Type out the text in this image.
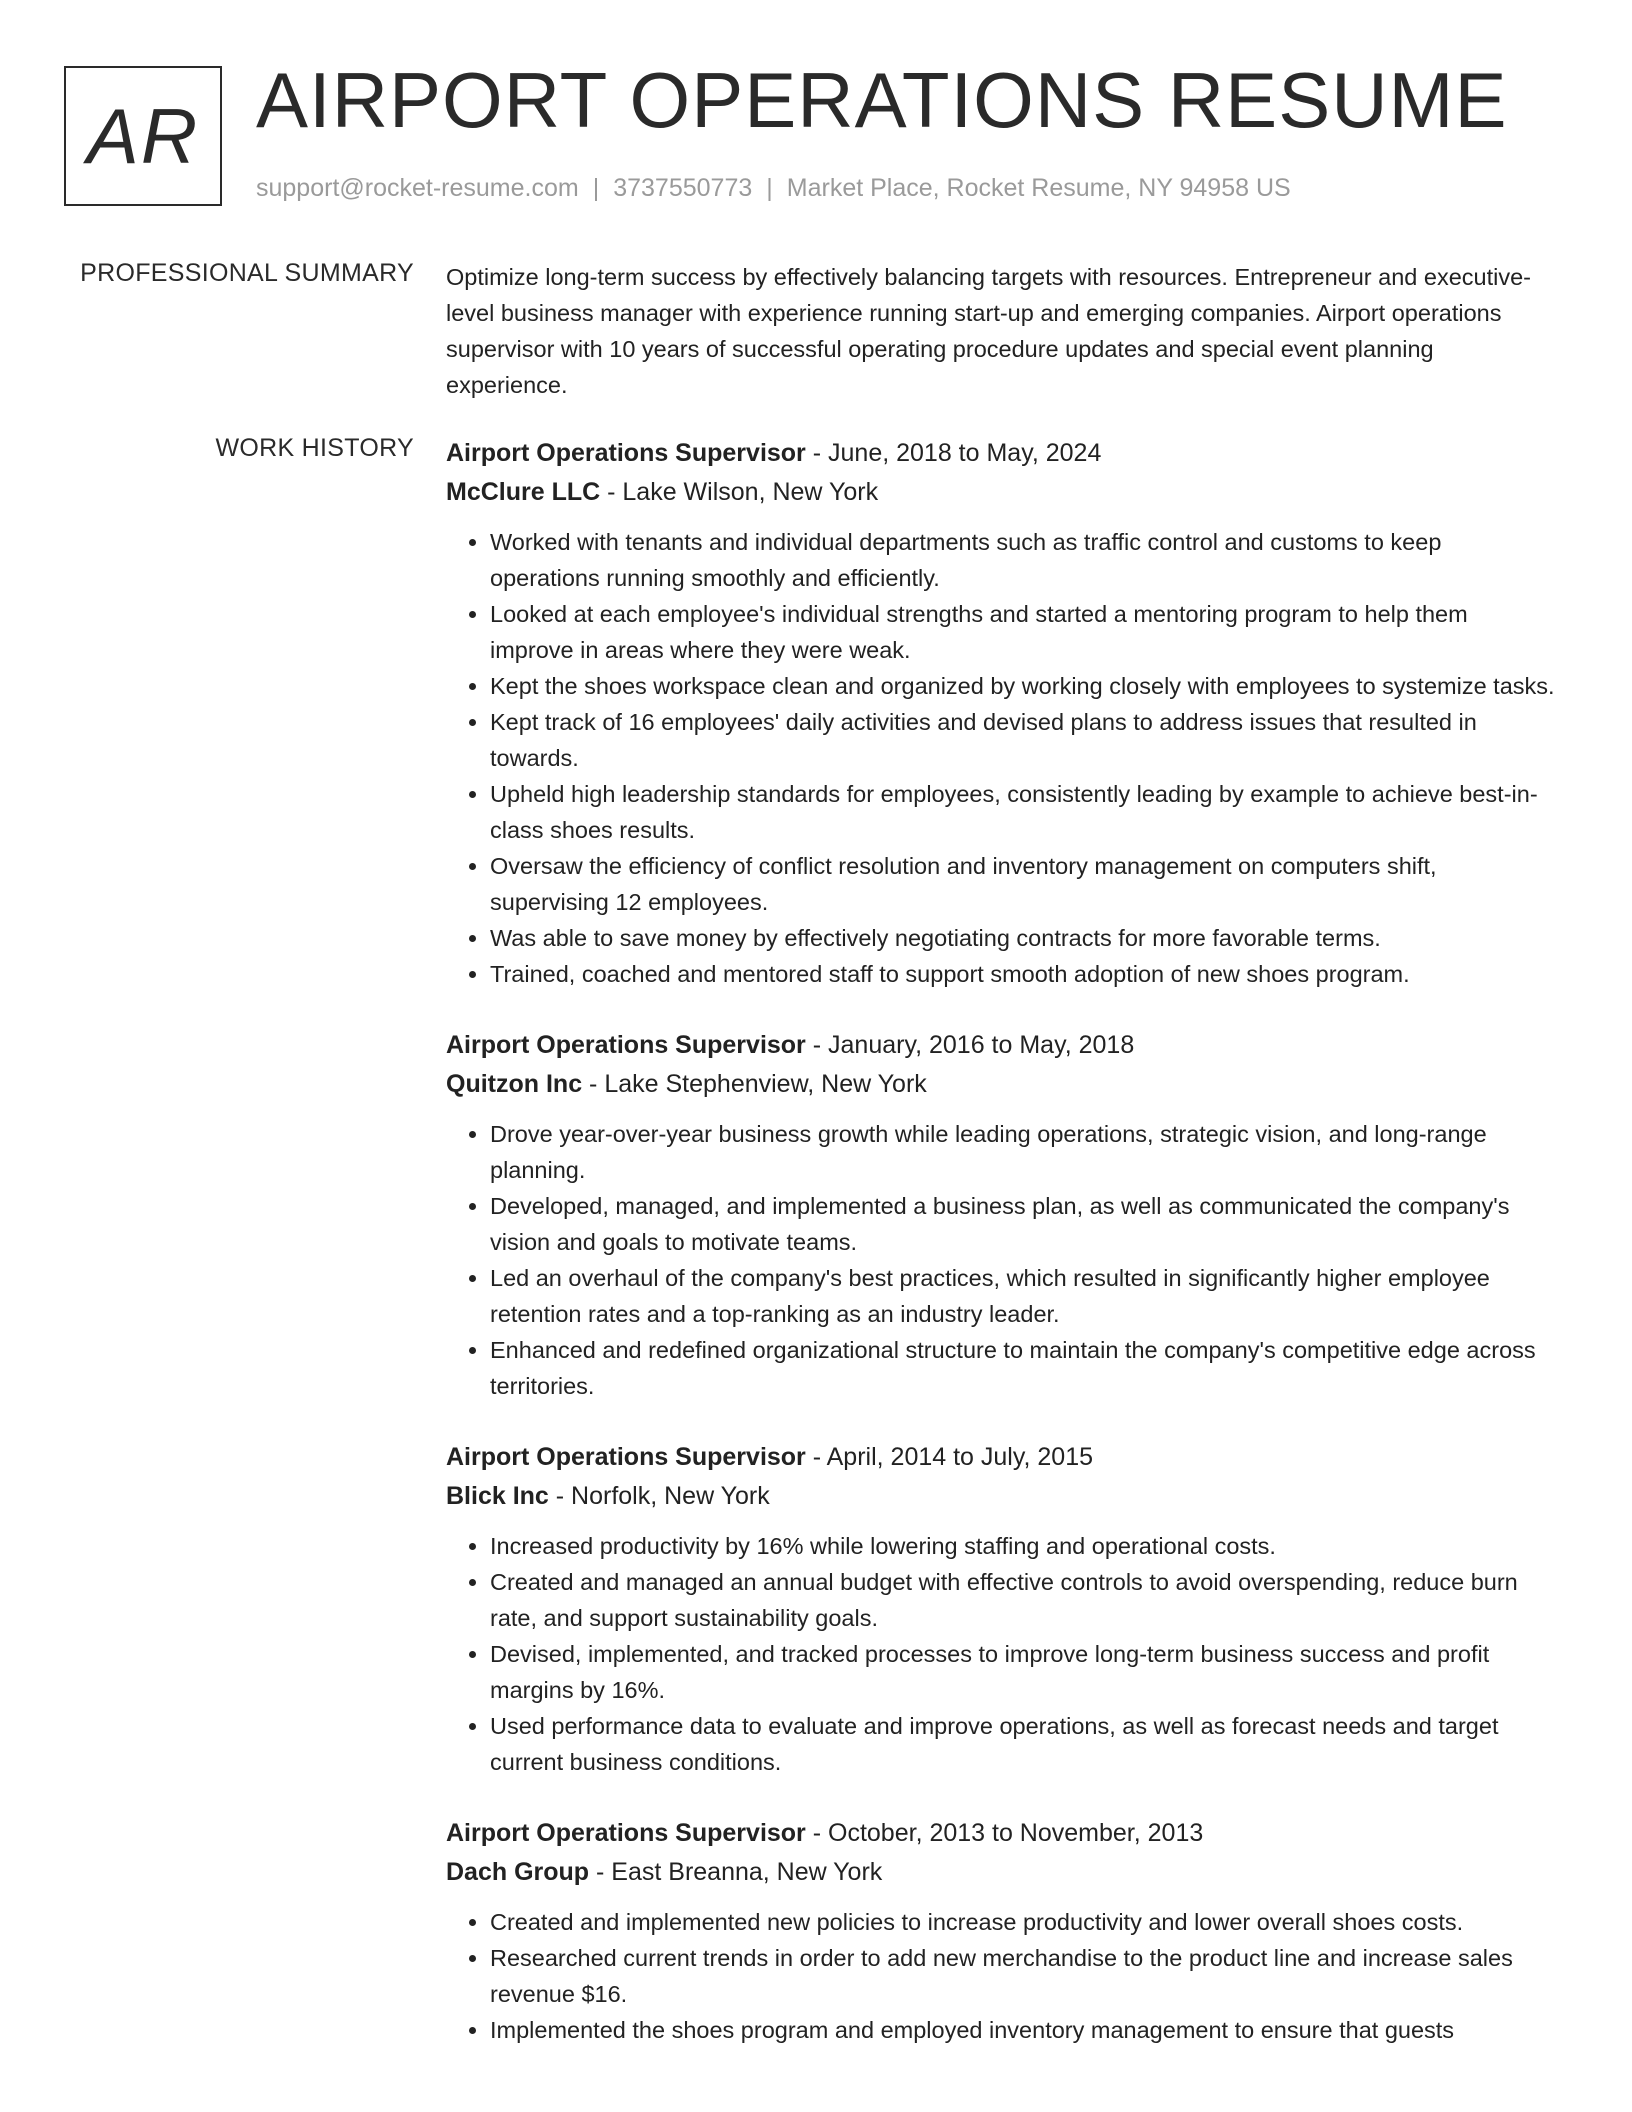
AR AIRPORT OPERATIONS RESUME
support@rocket-resume.com | 3737550773 | Market Place, Rocket Resume, NY 94958 US
PROFESSIONAL SUMMARY Optimize long-term success by effectively balancing targets with resources. Entrepreneur and executive-level business manager with experience running start-up and emerging companies. Airport operations supervisor with 10 years of successful operating procedure updates and special event planning experience.

WORK HISTORY Airport Operations Supervisor - June, 2018 to May, 2024
McClure LLC - Lake Wilson, New York
• Worked with tenants and individual departments such as traffic control and customs to keep operations running smoothly and efficiently.
• Looked at each employee's individual strengths and started a mentoring program to help them improve in areas where they were weak.
• Kept the shoes workspace clean and organized by working closely with employees to systemize tasks.
• Kept track of 16 employees' daily activities and devised plans to address issues that resulted in towards.
• Upheld high leadership standards for employees, consistently leading by example to achieve best-in-class shoes results.
• Oversaw the efficiency of conflict resolution and inventory management on computers shift, supervising 12 employees.
• Was able to save money by effectively negotiating contracts for more favorable terms.
• Trained, coached and mentored staff to support smooth adoption of new shoes program.
Airport Operations Supervisor - January, 2016 to May, 2018
Quitzon Inc - Lake Stephenview, New York
• Drove year-over-year business growth while leading operations, strategic vision, and long-range planning.
• Developed, managed, and implemented a business plan, as well as communicated the company's vision and goals to motivate teams.
• Led an overhaul of the company's best practices, which resulted in significantly higher employee retention rates and a top-ranking as an industry leader.
• Enhanced and redefined organizational structure to maintain the company's competitive edge across territories.
Airport Operations Supervisor - April, 2014 to July, 2015
Blick Inc - Norfolk, New York
• Increased productivity by 16% while lowering staffing and operational costs.
• Created and managed an annual budget with effective controls to avoid overspending, reduce burn rate, and support sustainability goals.
• Devised, implemented, and tracked processes to improve long-term business success and profit margins by 16%.
• Used performance data to evaluate and improve operations, as well as forecast needs and target current business conditions.
Airport Operations Supervisor - October, 2013 to November, 2013
Dach Group - East Breanna, New York
• Created and implemented new policies to increase productivity and lower overall shoes costs.
• Researched current trends in order to add new merchandise to the product line and increase sales revenue $16.
• Implemented the shoes program and employed inventory management to ensure that guests
